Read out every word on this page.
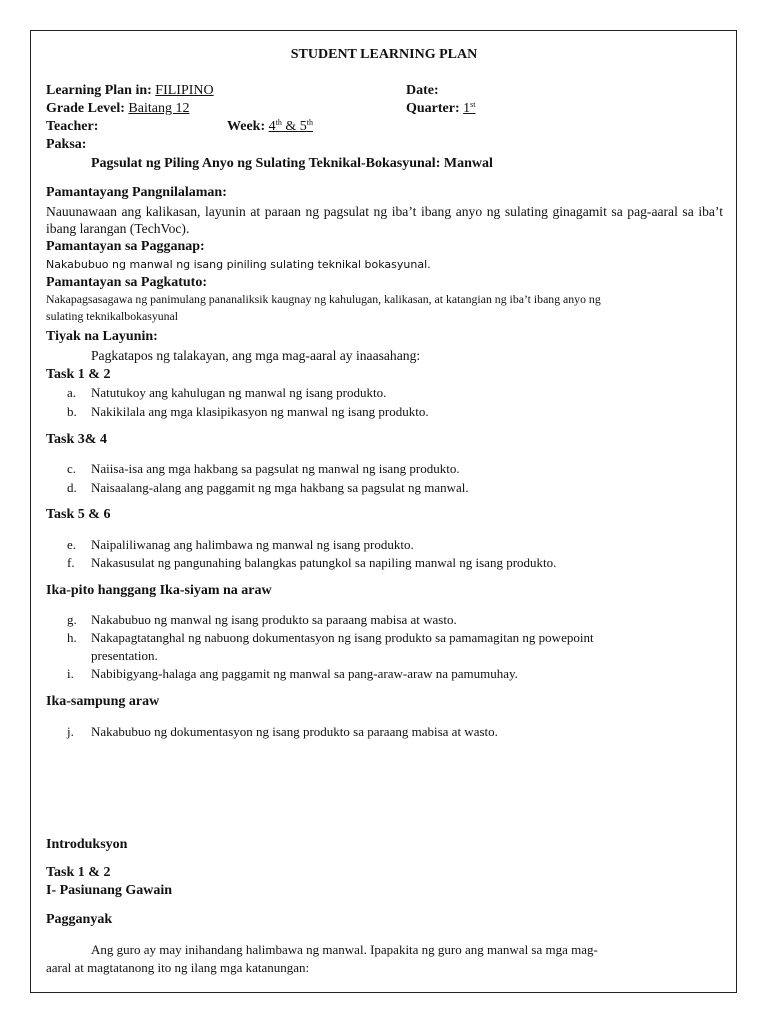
STUDENT LEARNING PLAN
Learning Plan in: FILIPINO	Date:
Grade Level: Baitang 12	Quarter: 1st
Teacher:	Week: 4th & 5th
Paksa:
Pagsulat ng Piling Anyo ng Sulating Teknikal-Bokasyunal: Manwal
Pamantayang Pangnilalaman:
Nauunawaan ang kalikasan, layunin at paraan ng pagsulat ng iba’t ibang anyo ng sulating ginagamit sa pag-aaral sa iba’t ibang larangan (TechVoc).
Pamantayan sa Pagganap:
Nakabubuo ng manwal ng isang piniling sulating teknikal bokasyunal.
Pamantayan sa Pagkatuto:
Nakapagsasagawa ng panimulang pananaliksik kaugnay ng kahulugan, kalikasan, at katangian ng iba’t ibang anyo ng
sulating teknikalbokasyunal
Tiyak na Layunin:
Pagkatapos ng talakayan, ang mga mag-aaral ay inaasahang:
Task 1 & 2
a. Natutukoy ang kahulugan ng manwal ng isang produkto.
b. Nakikilala ang mga klasipikasyon ng manwal ng isang produkto.
Task 3& 4
c. Naiisa-isa ang mga hakbang sa pagsulat ng manwal ng isang produkto.
d. Naisaalang-alang ang paggamit ng mga hakbang sa pagsulat ng manwal.
Task 5 & 6
e. Naipaliliwanag ang halimbawa ng manwal ng isang produkto.
f. Nakasusulat ng pangunahing balangkas patungkol sa napiling manwal ng isang produkto.
Ika-pito hanggang Ika-siyam na araw
g. Nakabubuo ng manwal ng isang produkto sa paraang mabisa at wasto.
h. Nakapagtatanghal ng nabuong dokumentasyon ng isang produkto sa pamamagitan ng powepoint
presentation.
i. Nabibigyang-halaga ang paggamit ng manwal sa pang-araw-araw na pamumuhay.
Ika-sampung araw
j. Nakabubuo ng dokumentasyon ng isang produkto sa paraang mabisa at wasto.
Introduksyon
Task 1 & 2
I- Pasiunang Gawain
Pagganyak
Ang guro ay may inihandang halimbawa ng manwal. Ipapakita ng guro ang manwal sa mga mag-
aaral at magtatanong ito ng ilang mga katanungan:
